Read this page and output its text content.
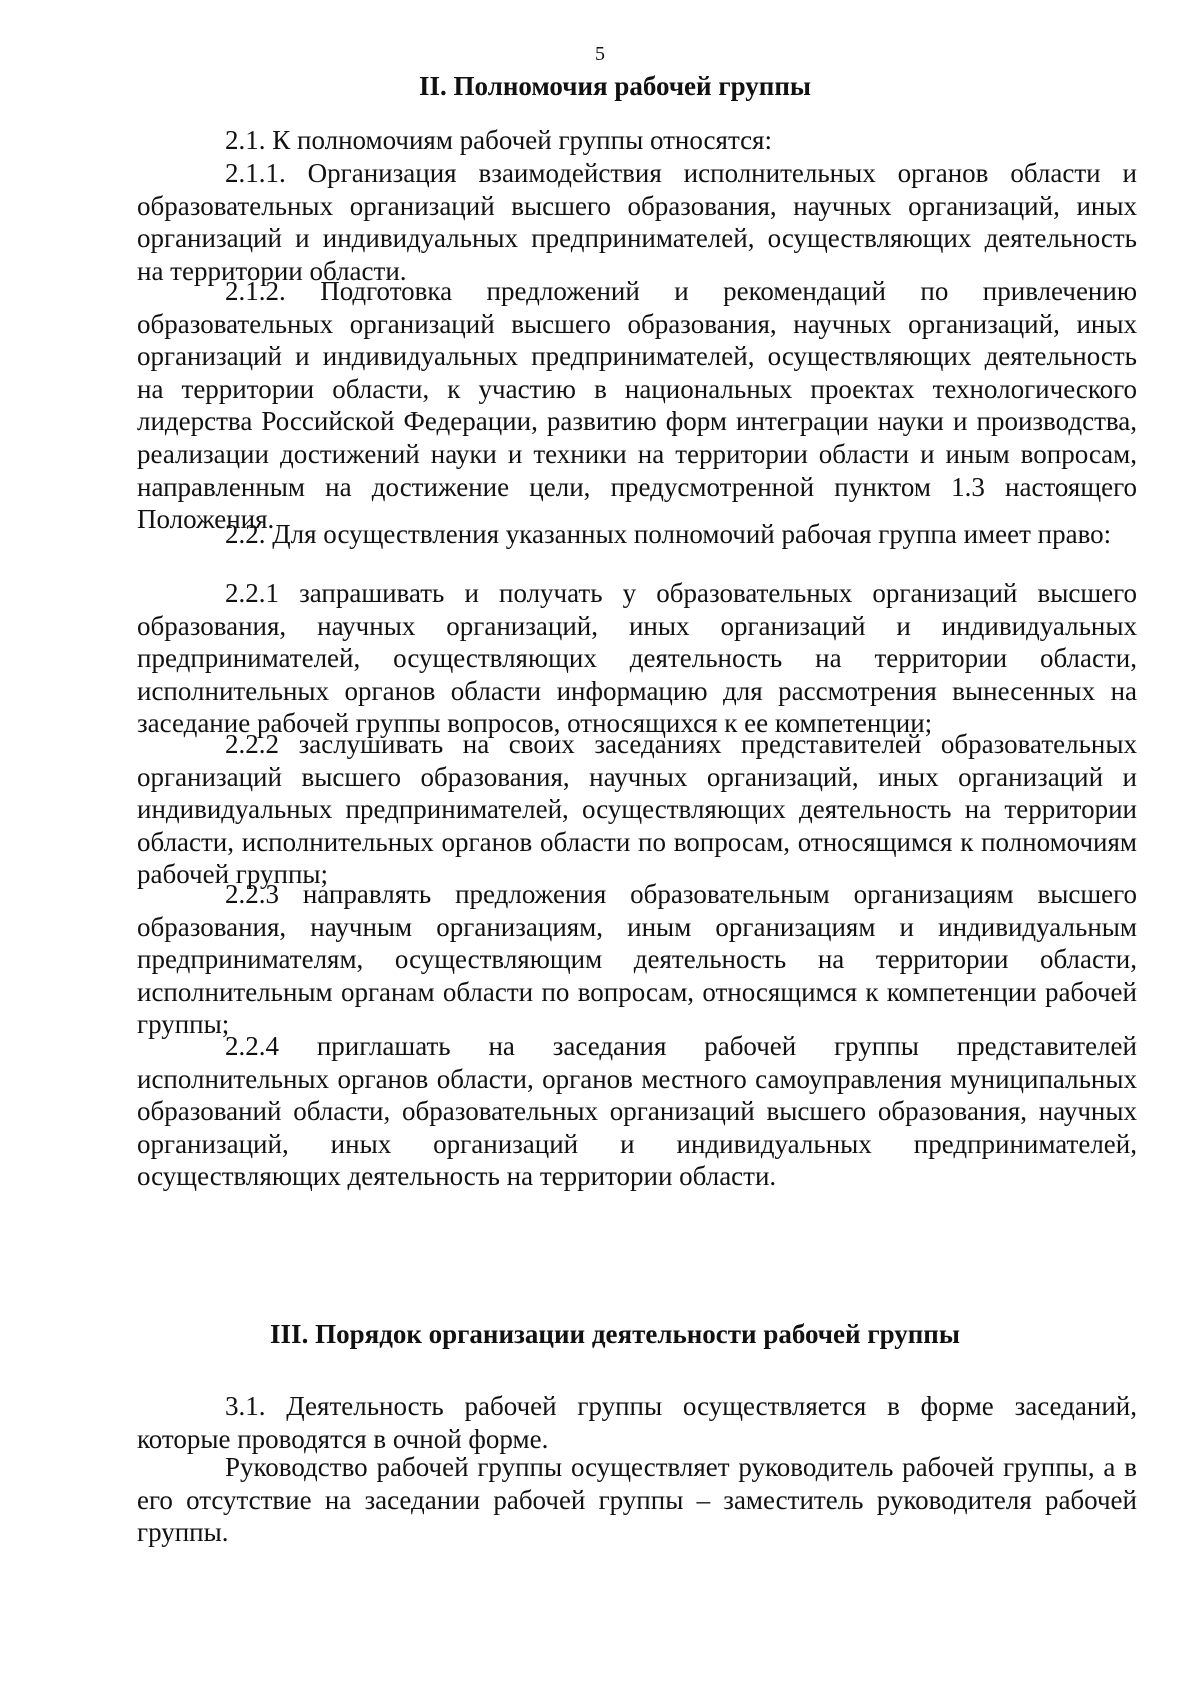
5
II. Полномочия рабочей группы

2.1. К полномочиям рабочей группы относятся:

2.1.1. Организация взаимодействия исполнительных органов области и образовательных организаций высшего образования, научных организаций, иных организаций и индивидуальных предпринимателей, осуществляющих деятельность на территории области.

2.1.2. Подготовка предложений и рекомендаций по привлечению образовательных организаций высшего образования, научных организаций, иных организаций и индивидуальных предпринимателей, осуществляющих деятельность на территории области, к участию в национальных проектах технологического лидерства Российской Федерации, развитию форм интеграции науки и производства, реализации достижений науки и техники на территории области и иным вопросам, направленным на достижение цели, предусмотренной пунктом 1.3 настоящего Положения.

2.2. Для осуществления указанных полномочий рабочая группа имеет право:

2.2.1 запрашивать и получать у образовательных организаций высшего образования, научных организаций, иных организаций и индивидуальных предпринимателей, осуществляющих деятельность на территории области, исполнительных органов области информацию для рассмотрения вынесенных на заседание рабочей группы вопросов, относящихся к ее компетенции;

2.2.2 заслушивать на своих заседаниях представителей образовательных организаций высшего образования, научных организаций, иных организаций и индивидуальных предпринимателей, осуществляющих деятельность на территории области, исполнительных органов области по вопросам, относящимся к полномочиям рабочей группы;

2.2.3 направлять предложения образовательным организациям высшего образования, научным организациям, иным организациям и индивидуальным предпринимателям, осуществляющим деятельность на территории области, исполнительным органам области по вопросам, относящимся к компетенции рабочей группы;

2.2.4 приглашать на заседания рабочей группы представителей исполнительных органов области, органов местного самоуправления муниципальных образований области, образовательных организаций высшего образования, научных организаций, иных организаций и индивидуальных предпринимателей, осуществляющих деятельность на территории области.

III. Порядок организации деятельности рабочей группы

3.1. Деятельность рабочей группы осуществляется в форме заседаний, которые проводятся в очной форме.

Руководство рабочей группы осуществляет руководитель рабочей группы, а в его отсутствие на заседании рабочей группы – заместитель руководителя рабочей группы.
